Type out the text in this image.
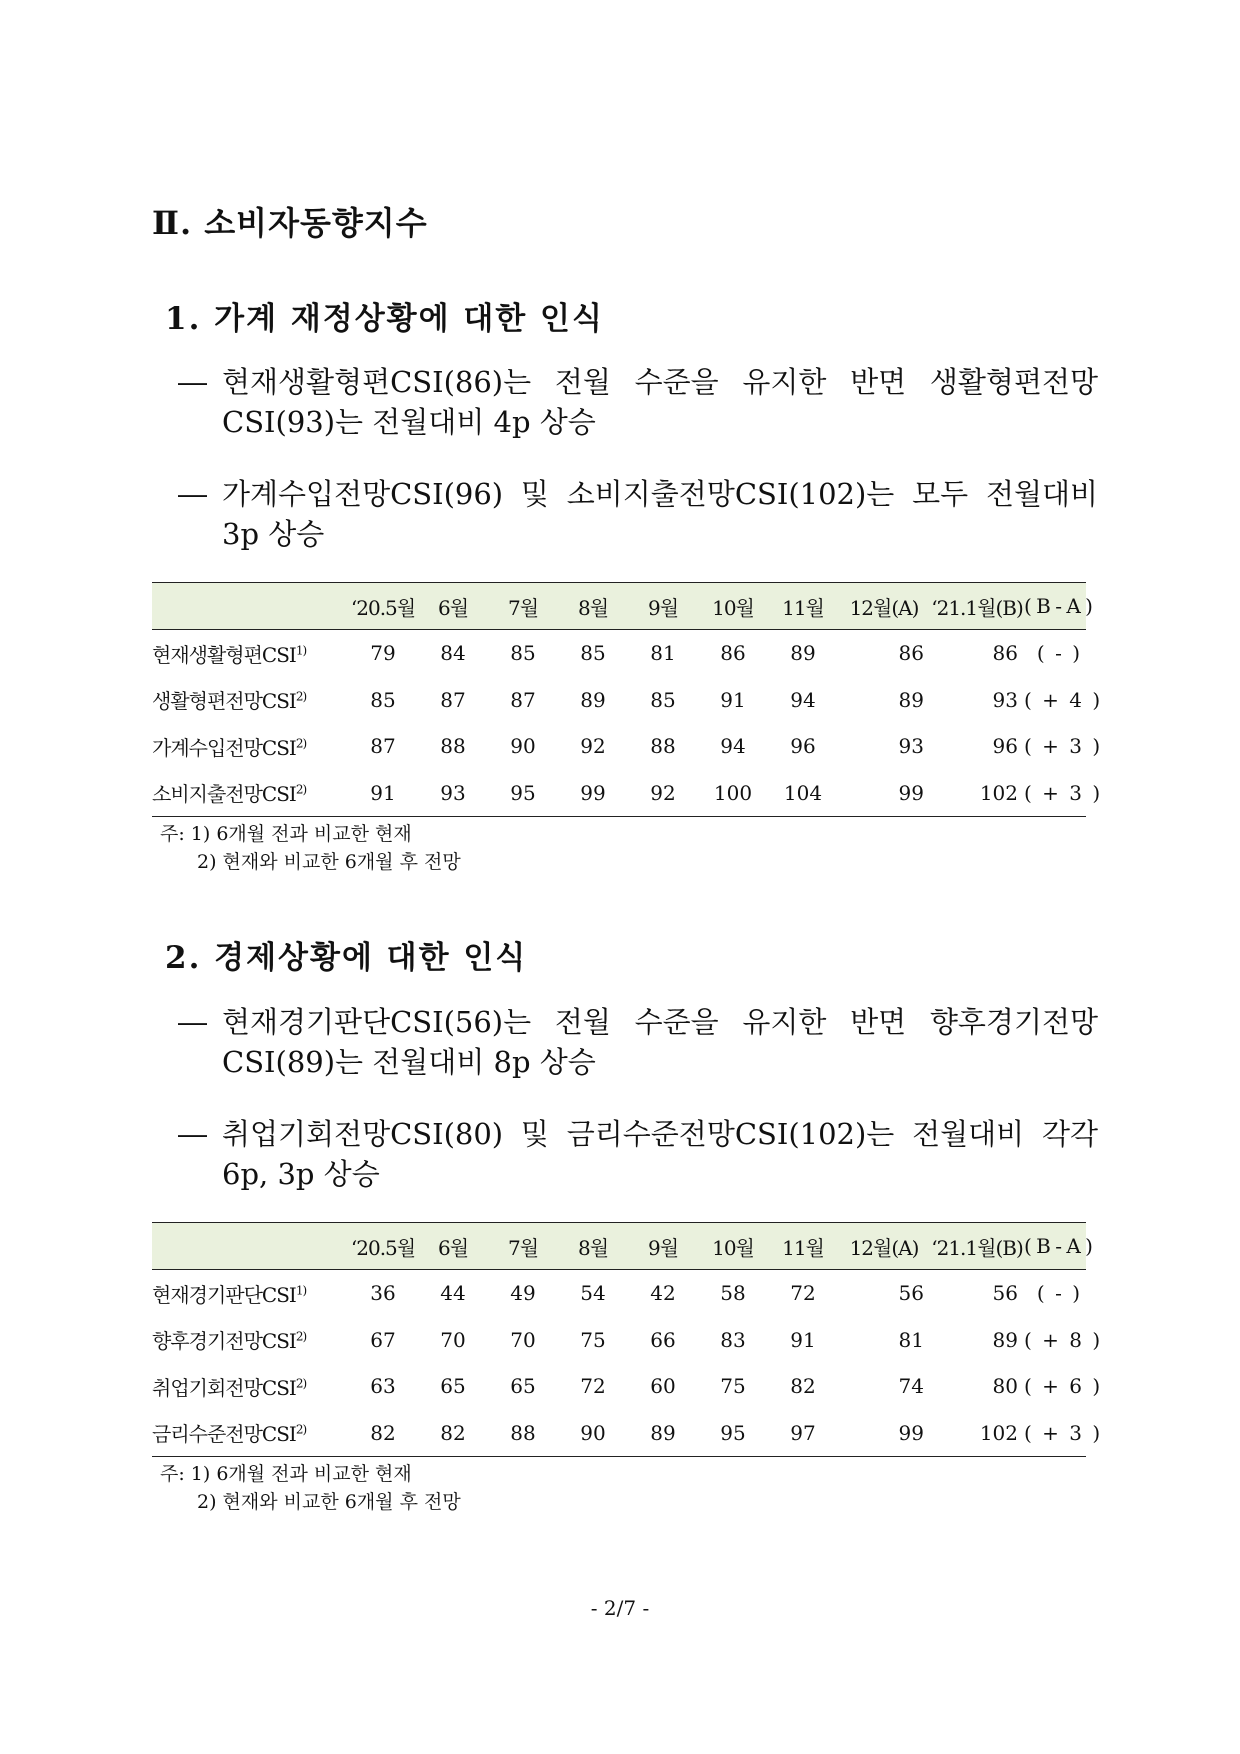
Ⅱ. 소비자동향지수
1. 가계 재정상황에 대한 인식
― 현재생활형편CSI(86)는 전월 수준을 유지한 반면 생활형편전망
CSI(93)는 전월대비 4p 상승
― 가계수입전망CSI(96) 및 소비지출전망CSI(102)는 모두 전월대비
3p 상승
	‘20.5월	6월	7월	8월	9월	10월	11월	12월(A)	‘21.1월(B)	( B - A )
현재생활형편CSI$^{1)}$	79	84	85	85	81	86	89	86	86	( - )
생활형편전망CSI$^{2)}$	85	87	87	89	85	91	94	89	93	( + 4 )
가계수입전망CSI$^{2)}$	87	88	90	92	88	94	96	93	96	( + 3 )
소비지출전망CSI$^{2)}$	91	93	95	99	92	100	104	99	102	( + 3 )
주: 1) 6개월 전과 비교한 현재
2) 현재와 비교한 6개월 후 전망
2. 경제상황에 대한 인식
― 현재경기판단CSI(56)는 전월 수준을 유지한 반면 향후경기전망
CSI(89)는 전월대비 8p 상승
― 취업기회전망CSI(80) 및 금리수준전망CSI(102)는 전월대비 각각
6p, 3p 상승
	‘20.5월	6월	7월	8월	9월	10월	11월	12월(A)	‘21.1월(B)	( B - A )
현재경기판단CSI$^{1)}$	36	44	49	54	42	58	72	56	56	( - )
향후경기전망CSI$^{2)}$	67	70	70	75	66	83	91	81	89	( + 8 )
취업기회전망CSI$^{2)}$	63	65	65	72	60	75	82	74	80	( + 6 )
금리수준전망CSI$^{2)}$	82	82	88	90	89	95	97	99	102	( + 3 )
주: 1) 6개월 전과 비교한 현재
2) 현재와 비교한 6개월 후 전망
- 2/7 -
